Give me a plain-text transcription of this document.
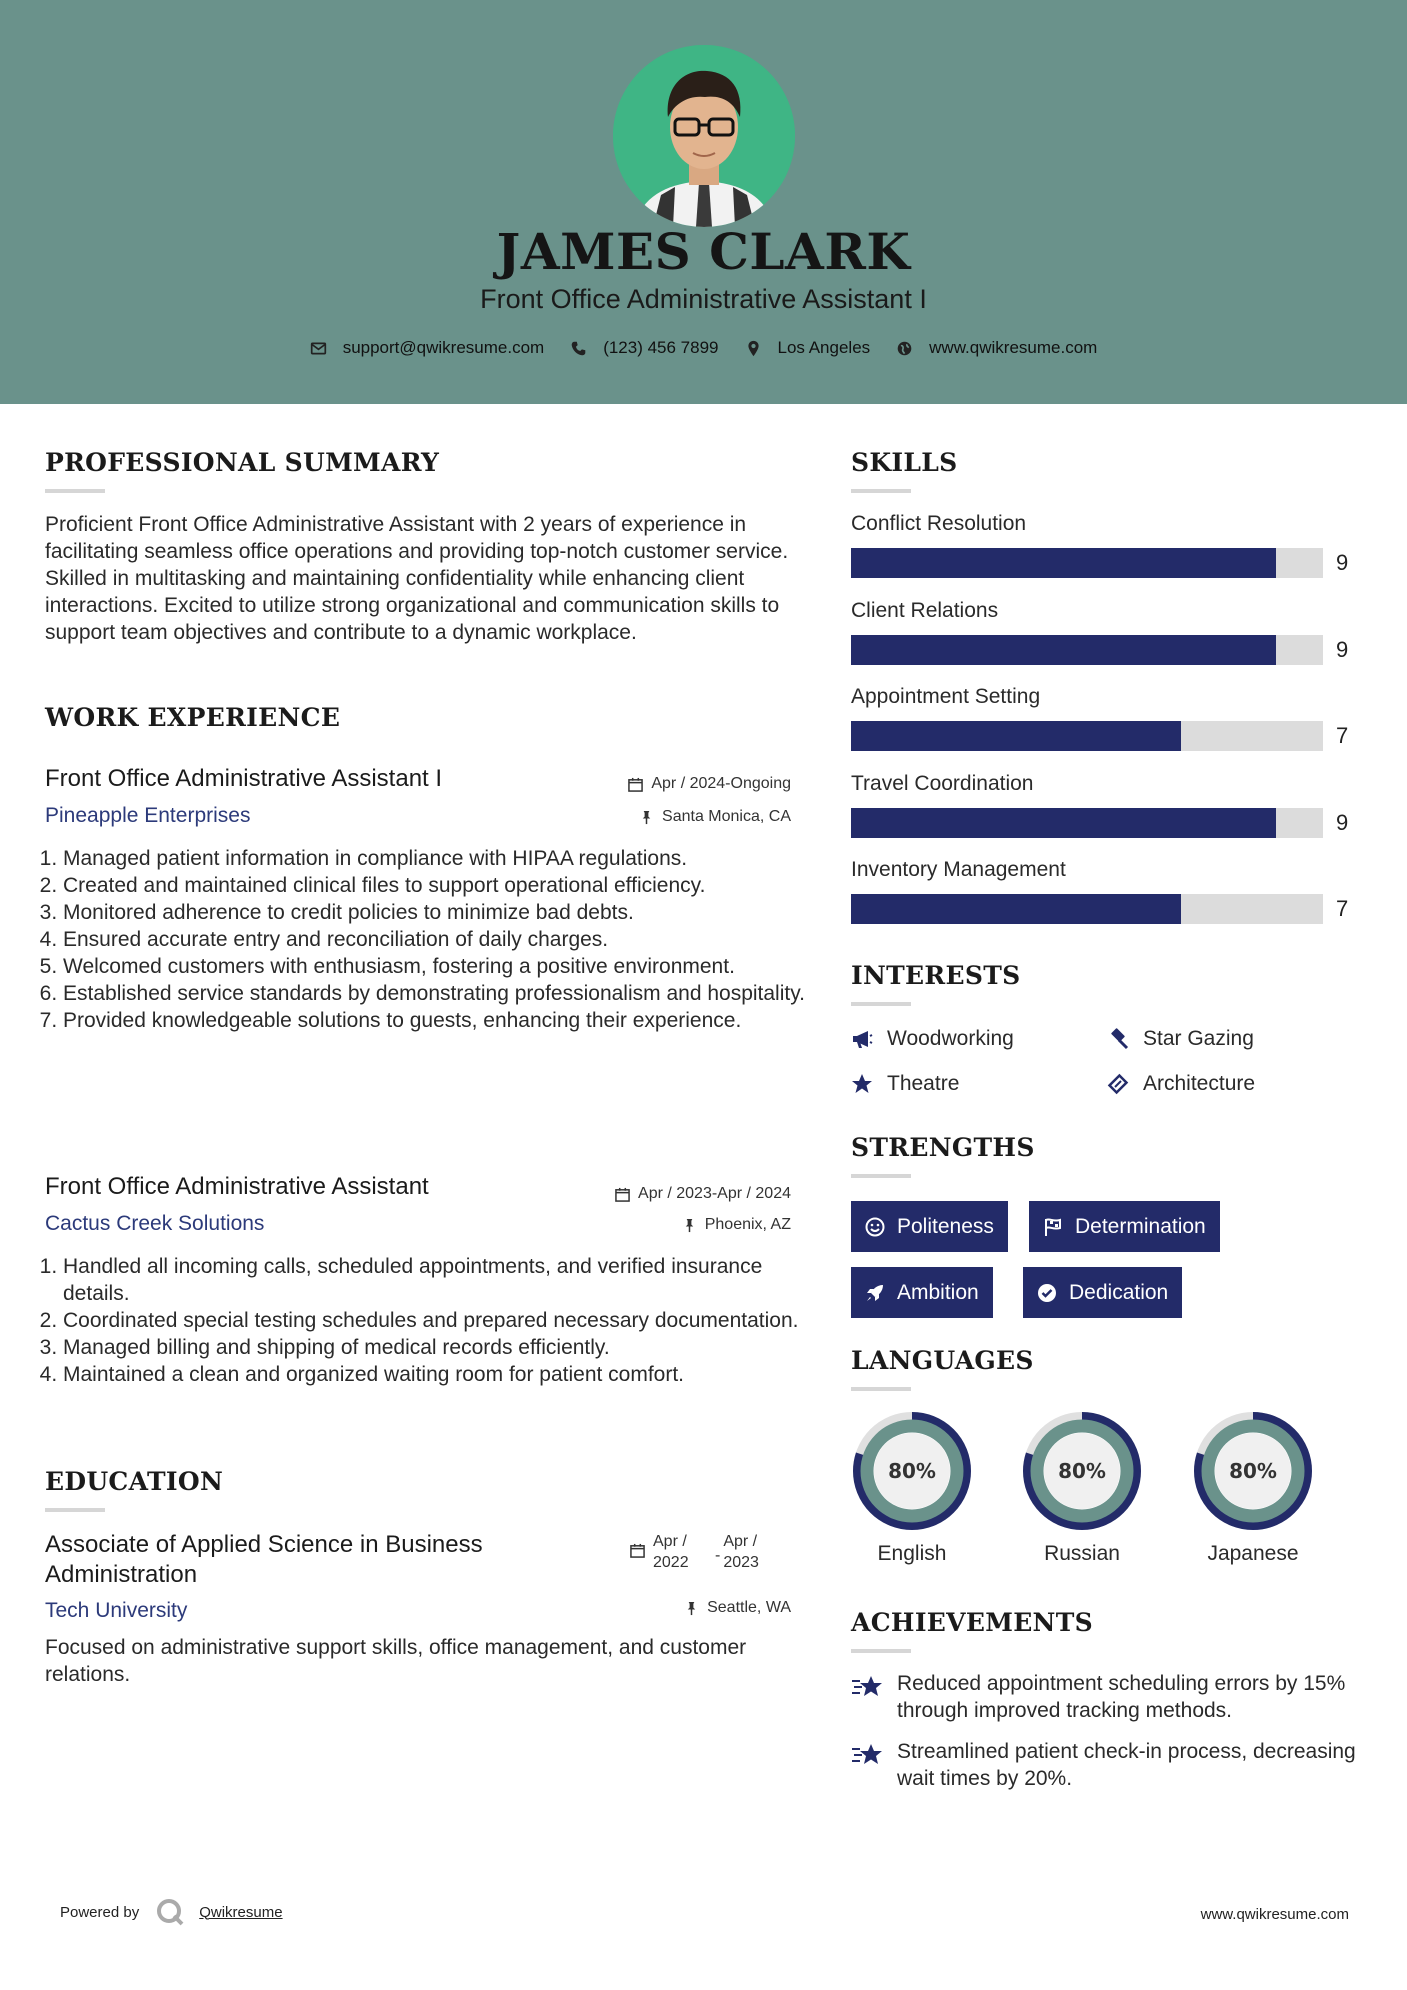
JAMES CLARK
Front Office Administrative Assistant I
support@qwikresume.com	(123) 456 7899	Los Angeles	www.qwikresume.com
PROFESSIONAL SUMMARY
Proficient Front Office Administrative Assistant with 2 years of experience in facilitating seamless office operations and providing top-notch customer service. Skilled in multitasking and maintaining confidentiality while enhancing client interactions. Excited to utilize strong organizational and communication skills to support team objectives and contribute to a dynamic workplace.
WORK EXPERIENCE
Front Office Administrative Assistant I	Apr / 2024-Ongoing
Pineapple Enterprises	Santa Monica, CA
1. Managed patient information in compliance with HIPAA regulations.
2. Created and maintained clinical files to support operational efficiency.
3. Monitored adherence to credit policies to minimize bad debts.
4. Ensured accurate entry and reconciliation of daily charges.
5. Welcomed customers with enthusiasm, fostering a positive environment.
6. Established service standards by demonstrating professionalism and hospitality.
7. Provided knowledgeable solutions to guests, enhancing their experience.
Front Office Administrative Assistant	Apr / 2023-Apr / 2024
Cactus Creek Solutions	Phoenix, AZ
1. Handled all incoming calls, scheduled appointments, and verified insurance details.
2. Coordinated special testing schedules and prepared necessary documentation.
3. Managed billing and shipping of medical records efficiently.
4. Maintained a clean and organized waiting room for patient comfort.
EDUCATION
Associate of Applied Science in Business Administration
Apr / 2022	-
Apr / 2023
Tech University	Seattle, WA
Focused on administrative support skills, office management, and customer relations.
SKILLS
Conflict Resolution
9
Client Relations
9
Appointment Setting
7
Travel Coordination
9
Inventory Management
7
INTERESTS
Woodworking	Star Gazing
Theatre	Architecture
STRENGTHS
Politeness	Determination
Ambition	Dedication
LANGUAGES
80%
English
80%
Russian
80%
Japanese
ACHIEVEMENTS
Reduced appointment scheduling errors by 15% through improved tracking methods.
Streamlined patient check-in process, decreasing wait times by 20%.
Powered by	Qwikresume	www.qwikresume.com
